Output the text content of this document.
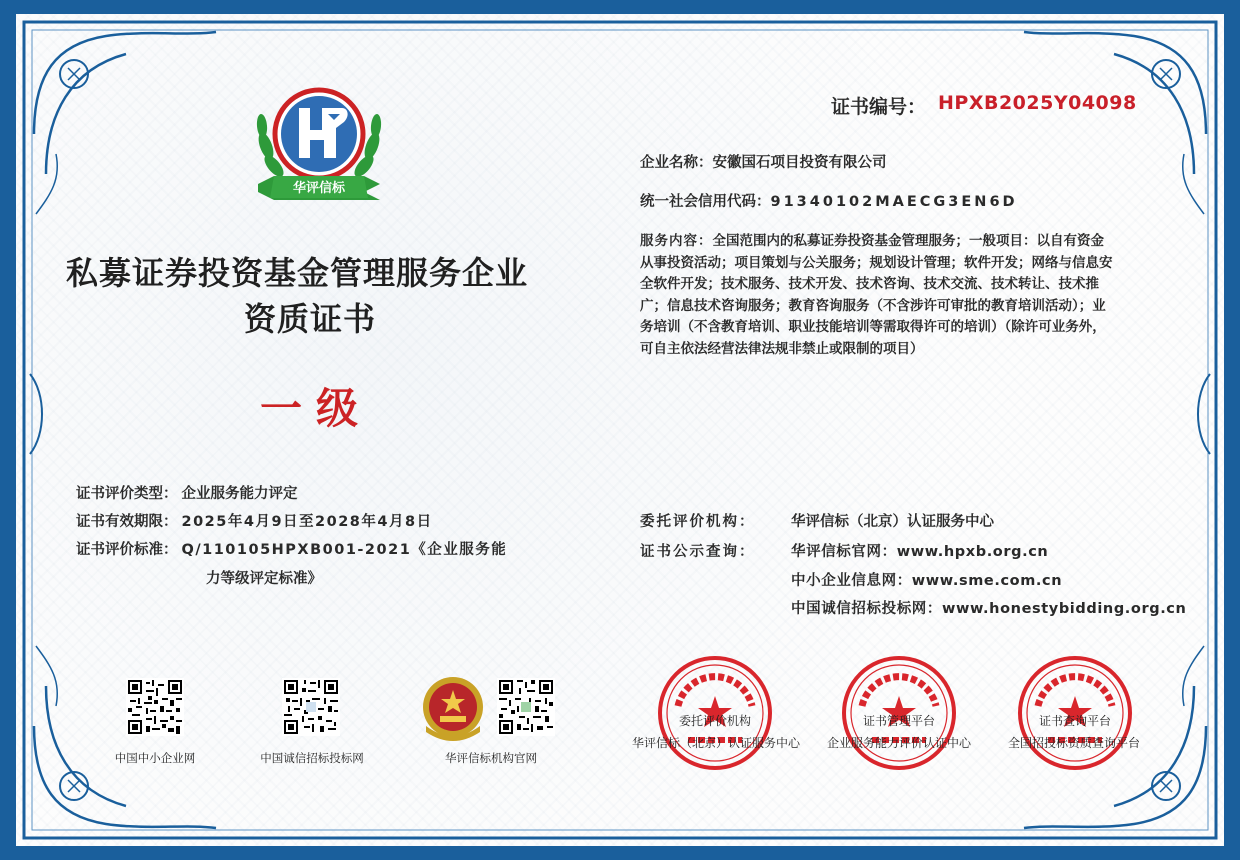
华评信标
证书编号： HPXB2025Y04098
私募证券投资基金管理服务企业
资质证书
一级
企业名称：安徽国石项目投资有限公司
统一社会信用代码：91340102MAECG3EN6D
服务内容：全国范围内的私募证券投资基金管理服务；一般项目：以自有资金
从事投资活动；项目策划与公关服务；规划设计管理；软件开发；网络与信息安
全软件开发；技术服务、技术开发、技术咨询、技术交流、技术转让、技术推
广；信息技术咨询服务；教育咨询服务（不含涉许可审批的教育培训活动）；业
务培训（不含教育培训、职业技能培训等需取得许可的培训）（除许可业务外，
可自主依法经营法律法规非禁止或限制的项目）
证书评价类型： 企业服务能力评定
证书有效期限： 2025年4月9日至2028年4月8日
证书评价标准： Q/110105HPXB001-2021《企业服务能
力等级评定标准》
委托评价机构： 华评信标（北京）认证服务中心
证书公示查询： 华评信标官网：www.hpxb.org.cn
中小企业信息网：www.sme.com.cn
中国诚信招标投标网：www.honestybidding.org.cn
中国中小企业网	中国诚信招标投标网	华评信标机构官网
委托评价机构
华评信标（北京）认证服务中心
证书管理平台
企业服务能力评价认证中心
证书查询平台
全国招投标资质查询平台
